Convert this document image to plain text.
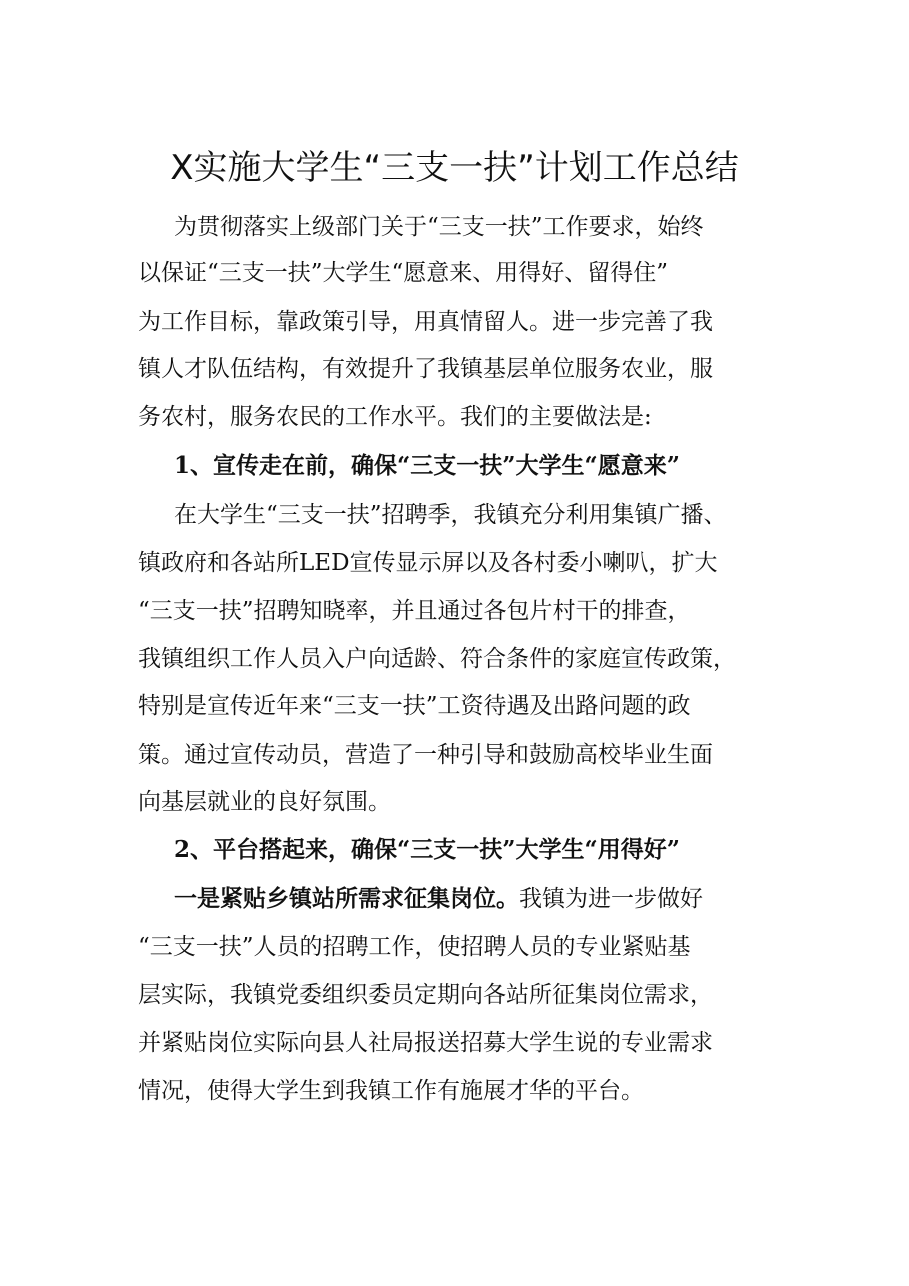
X实施大学生“三支一扶”计划工作总结
为贯彻落实上级部门关于“三支一扶”工作要求，始终
以保证“三支一扶”大学生“愿意来、用得好、留得住”
为工作目标，靠政策引导，用真情留人。进一步完善了我
镇人才队伍结构，有效提升了我镇基层单位服务农业，服
务农村，服务农民的工作水平。我们的主要做法是:
1、宣传走在前，确保“三支一扶”大学生“愿意来”
在大学生“三支一扶”招聘季，我镇充分利用集镇广播、
镇政府和各站所LED宣传显示屏以及各村委小喇叭，扩大
“三支一扶”招聘知晓率，并且通过各包片村干的排查，
我镇组织工作人员入户向适龄、符合条件的家庭宣传政策，
特别是宣传近年来“三支一扶”工资待遇及出路问题的政
策。通过宣传动员，营造了一种引导和鼓励高校毕业生面
向基层就业的良好氛围。
2、平台搭起来，确保“三支一扶”大学生“用得好”
一是紧贴乡镇站所需求征集岗位。我镇为进一步做好
“三支一扶”人员的招聘工作，使招聘人员的专业紧贴基
层实际，我镇党委组织委员定期向各站所征集岗位需求，
并紧贴岗位实际向县人社局报送招募大学生说的专业需求
情况，使得大学生到我镇工作有施展才华的平台。
